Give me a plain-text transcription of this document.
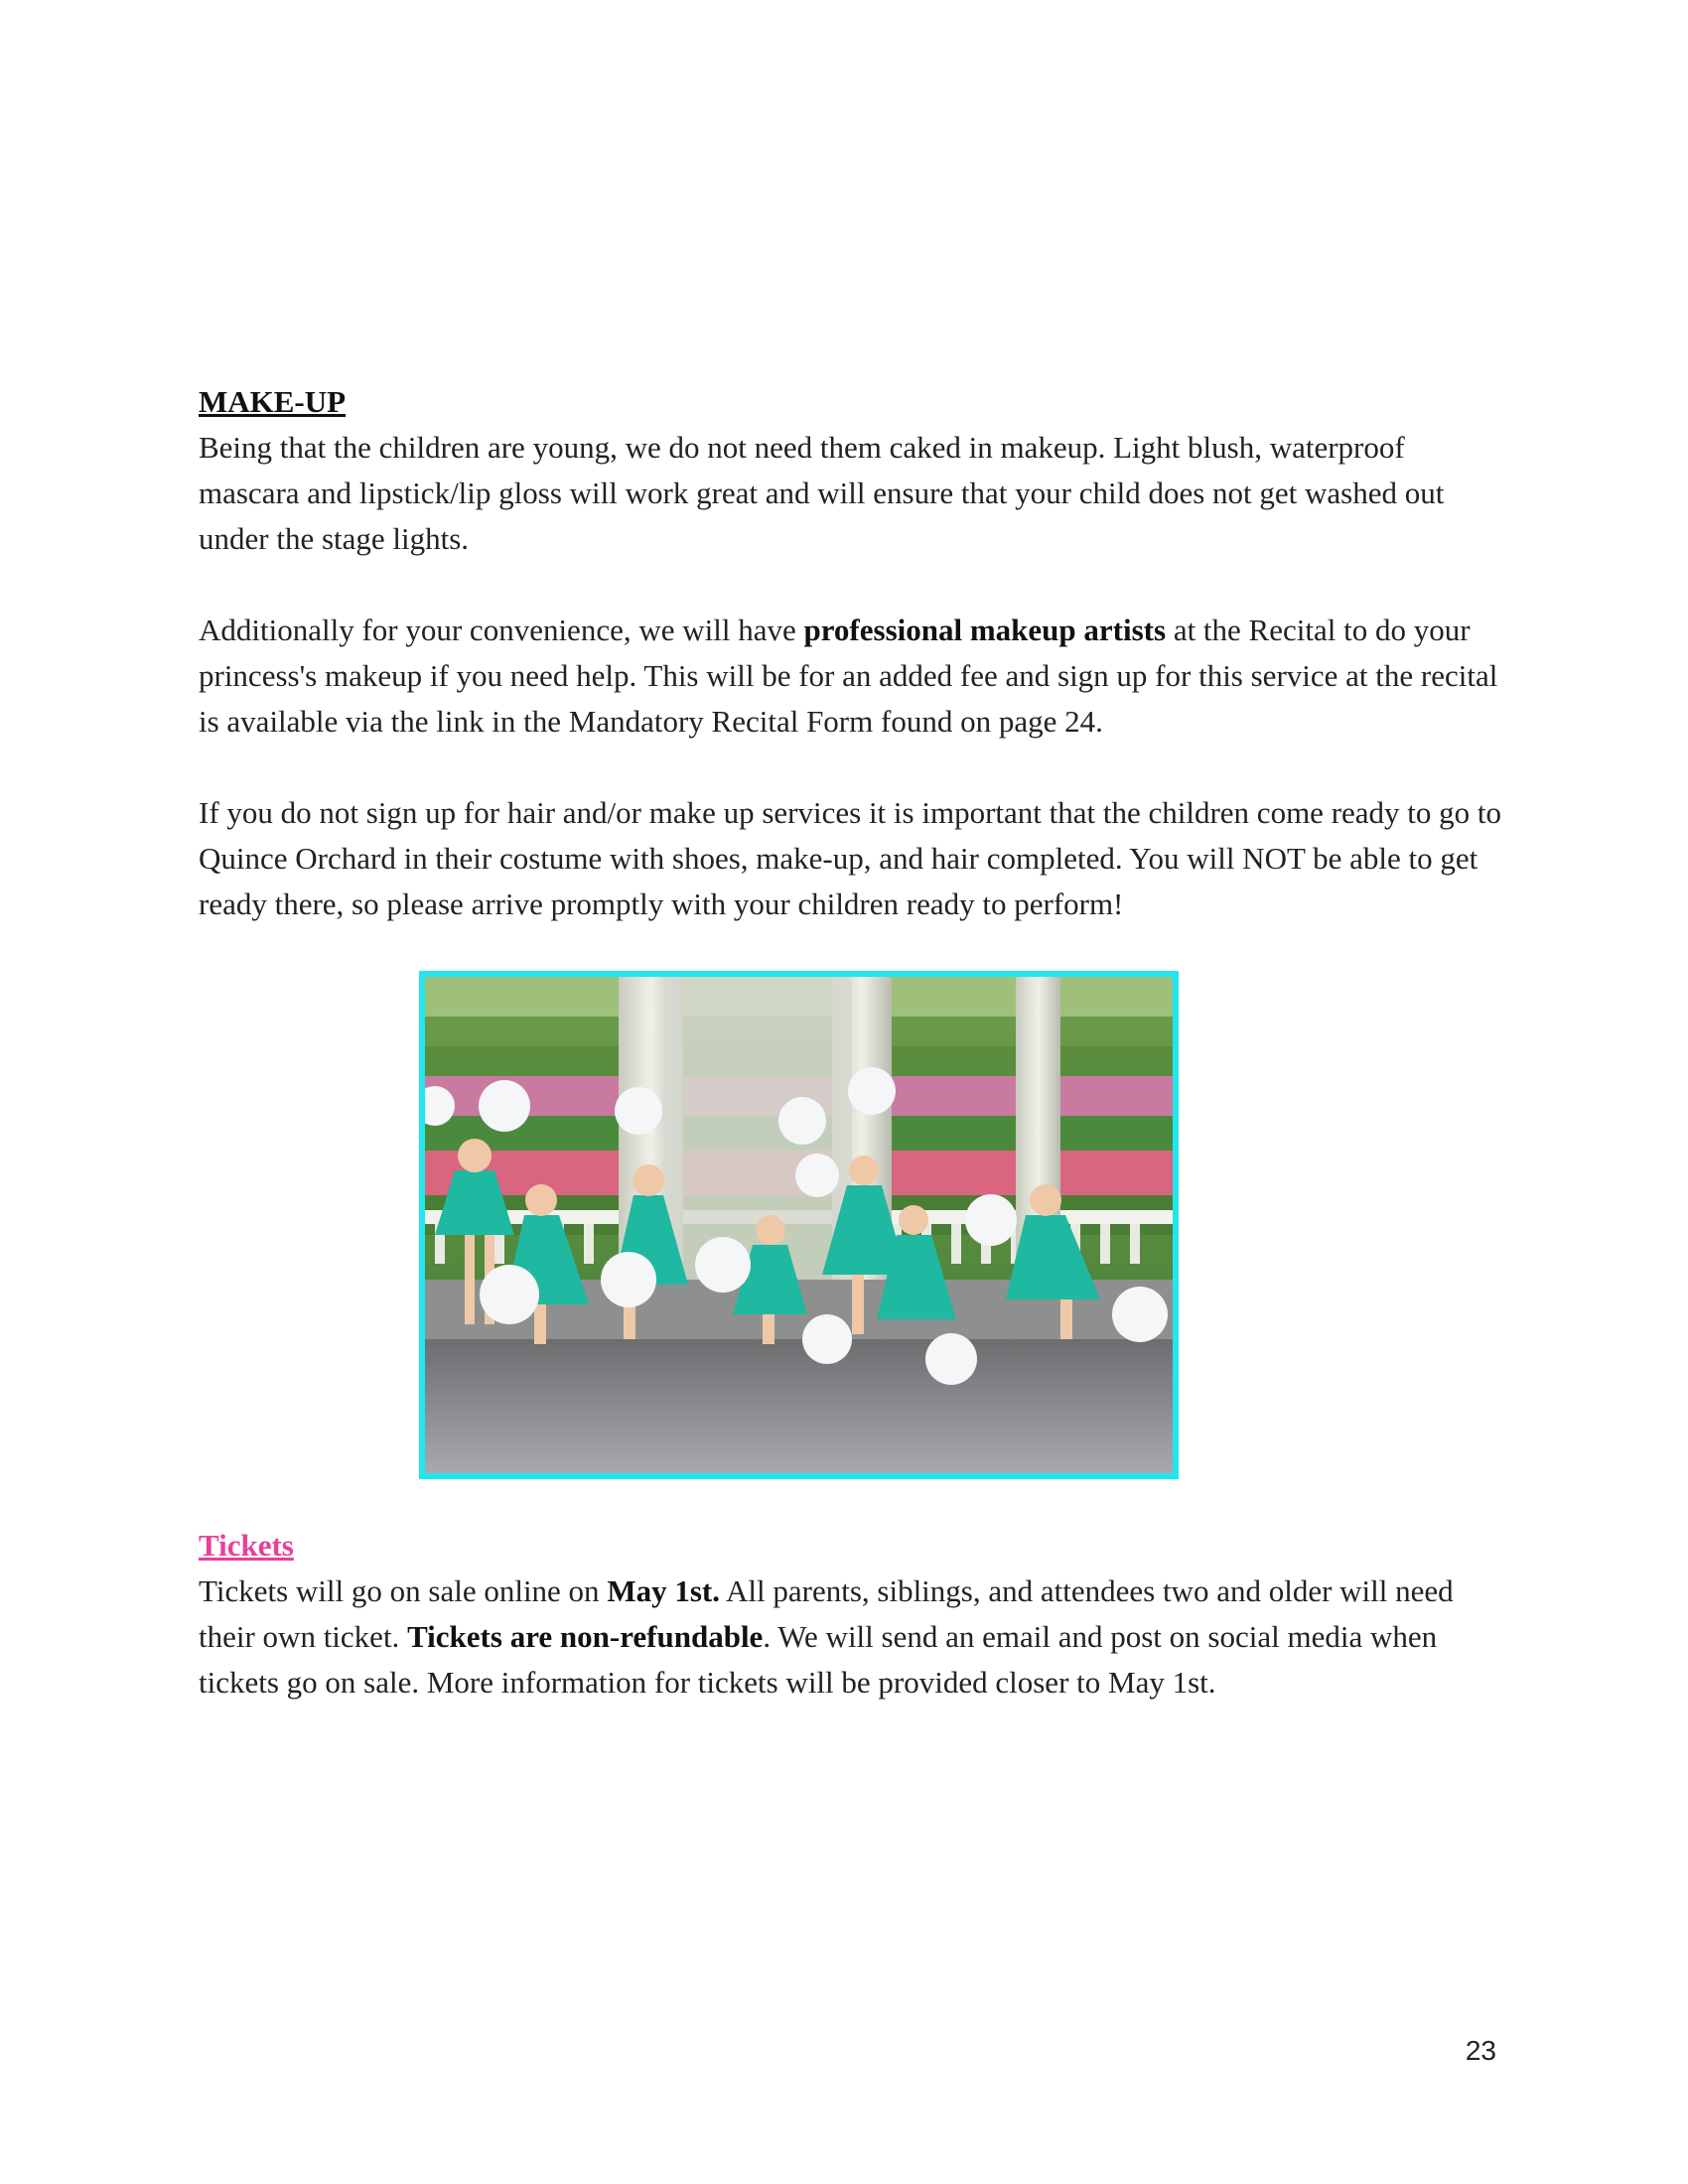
MAKE-UP

Being that the children are young, we do not need them caked in makeup. Light blush, waterproof mascara and lipstick/lip gloss will work great and will ensure that your child does not get washed out under the stage lights.

Additionally for your convenience, we will have professional makeup artists at the Recital to do your princess's makeup if you need help. This will be for an added fee and sign up for this service at the recital is available via the link in the Mandatory Recital Form found on page 24.

If you do not sign up for hair and/or make up services it is important that the children come ready to go to Quince Orchard in their costume with shoes, make-up, and hair completed. You will NOT be able to get ready there, so please arrive promptly with your children ready to perform!

Tickets

Tickets will go on sale online on May 1st. All parents, siblings, and attendees two and older will need their own ticket. Tickets are non-refundable. We will send an email and post on social media when tickets go on sale. More information for tickets will be provided closer to May 1st.

23
